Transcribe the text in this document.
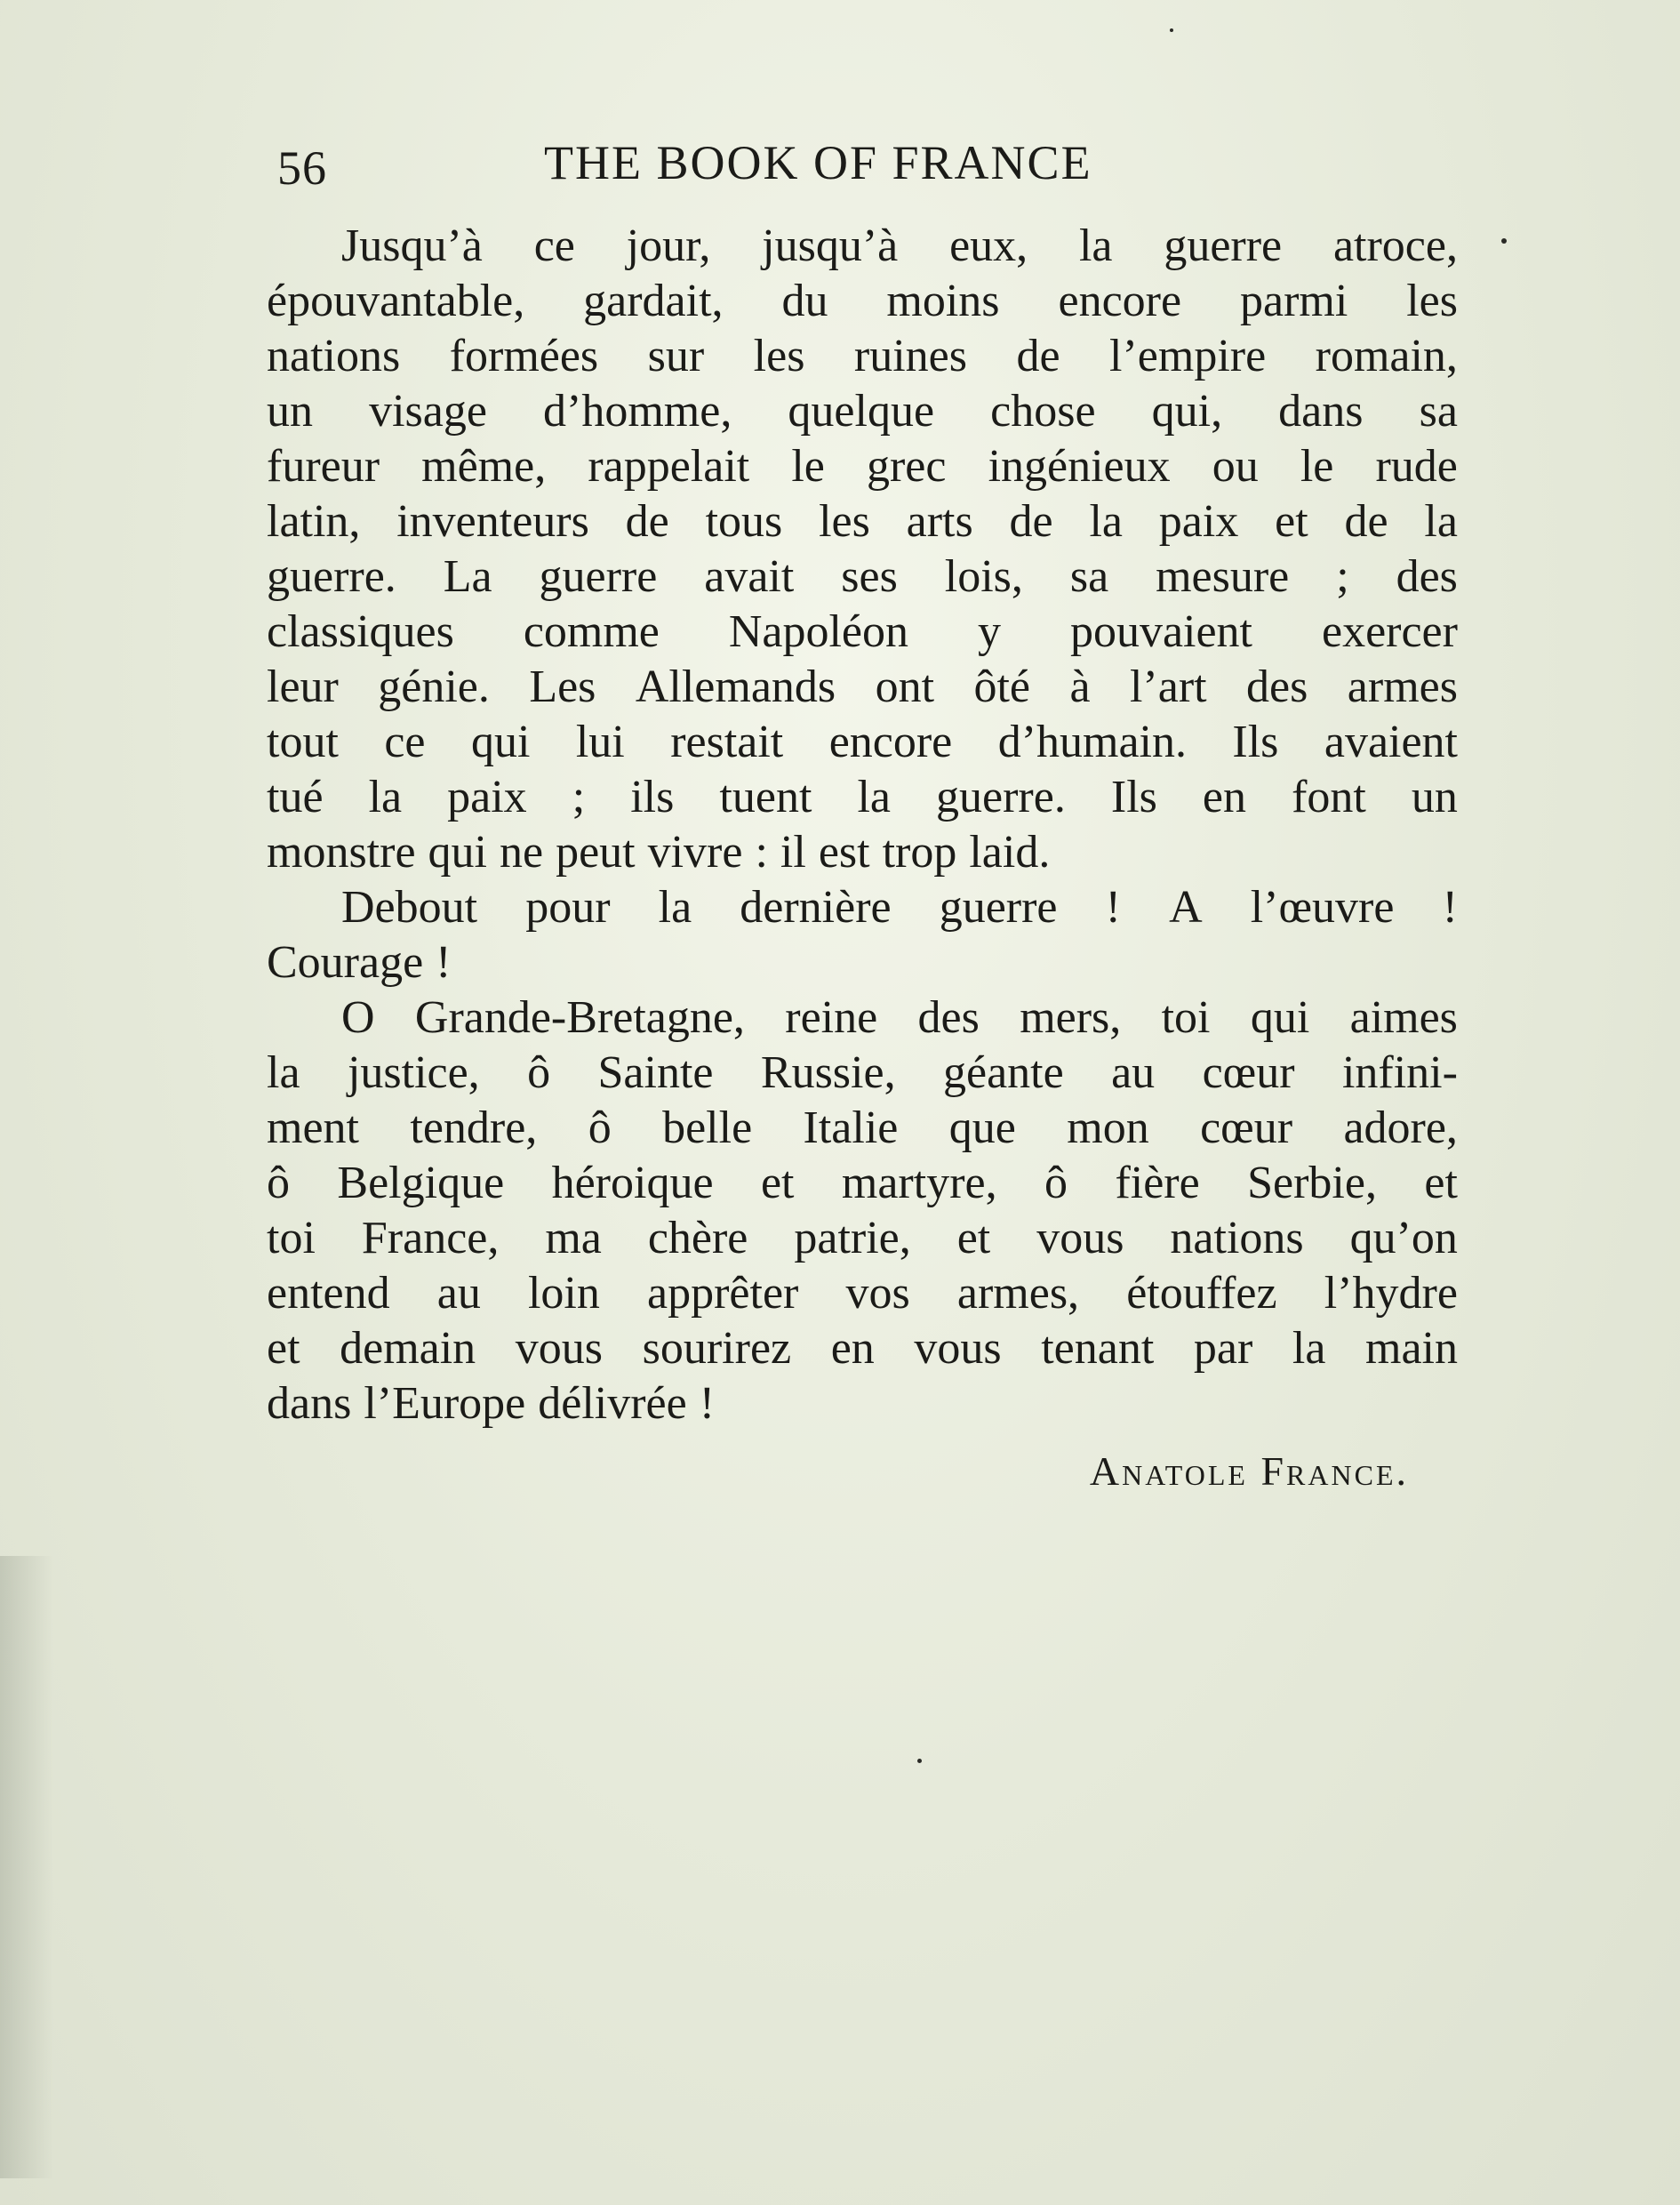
56	THE BOOK OF FRANCE
Jusqu’à ce jour, jusqu’à eux, la guerre atroce,
épouvantable, gardait, du moins encore parmi les
nations formées sur les ruines de l’empire romain,
un visage d’homme, quelque chose qui, dans sa
fureur même, rappelait le grec ingénieux ou le rude
latin, inventeurs de tous les arts de la paix et de la
guerre. La guerre avait ses lois, sa mesure ; des
classiques comme Napoléon y pouvaient exercer
leur génie. Les Allemands ont ôté à l’art des armes
tout ce qui lui restait encore d’humain. Ils avaient
tué la paix ; ils tuent la guerre. Ils en font un
monstre qui ne peut vivre : il est trop laid.
Debout pour la dernière guerre ! A l’œuvre !
Courage !
O Grande-Bretagne, reine des mers, toi qui aimes
la justice, ô Sainte Russie, géante au cœur infini-
ment tendre, ô belle Italie que mon cœur adore,
ô Belgique héroique et martyre, ô fière Serbie, et
toi France, ma chère patrie, et vous nations qu’on
entend au loin apprêter vos armes, étouffez l’hydre
et demain vous sourirez en vous tenant par la main
dans l’Europe délivrée !
Anatole France.
